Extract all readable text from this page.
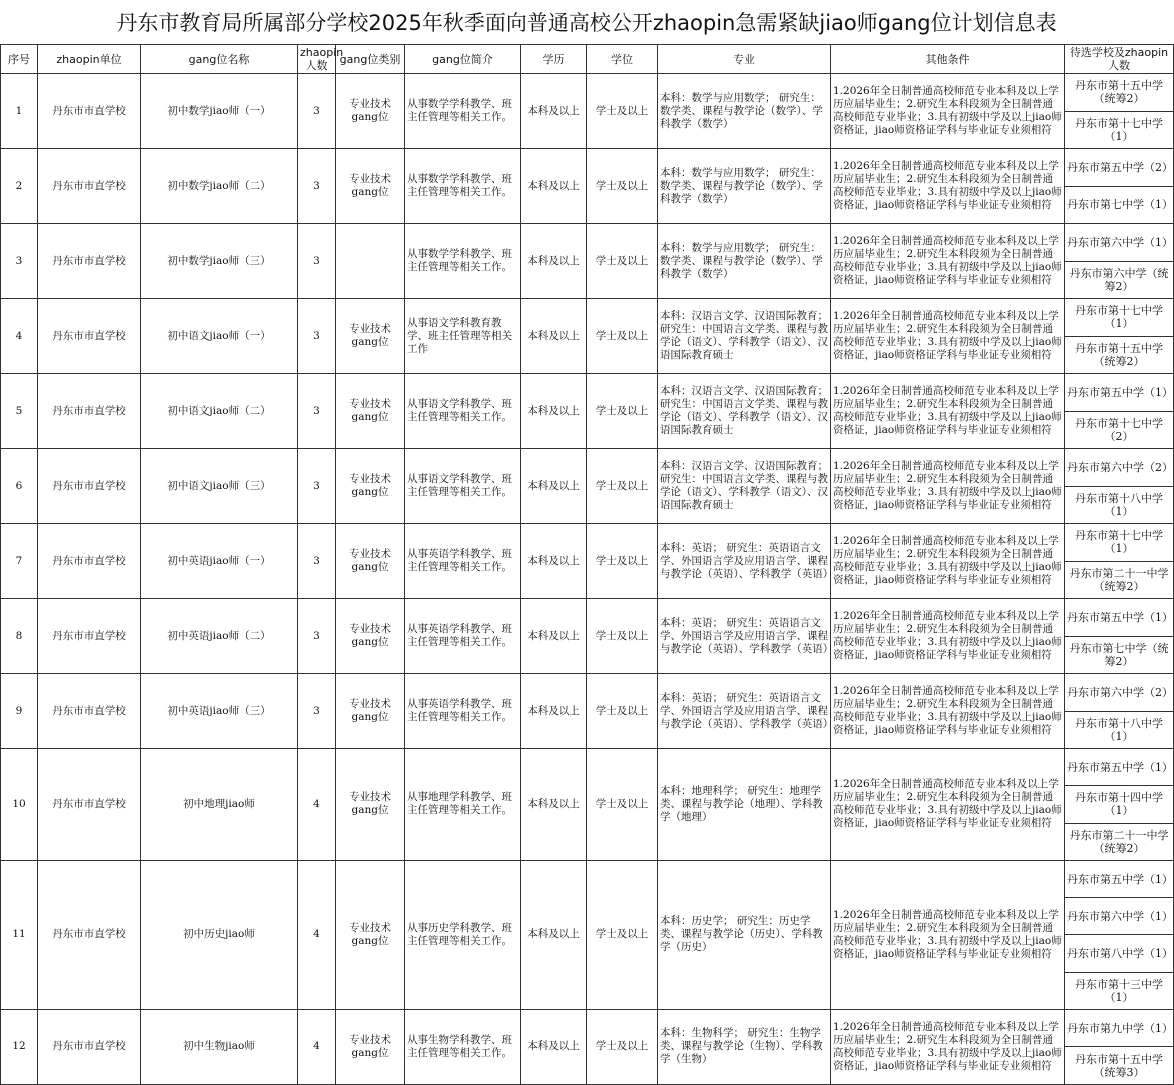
丹东市教育局所属部分学校2025年秋季面向普通高校公开zhaopin急需紧缺jiao师gang位计划信息表
序号	zhaopin单位	gang位名称	zhaopin人数	gang位类别	gang位简介	学历	学位	专业	其他条件	待选学校及zhaopin人数
1	丹东市市直学校	初中数学jiao师（一）	3	专业技术gang位	从事数学学科教学、班主任管理等相关工作。	本科及以上	学士及以上	本科：数学与应用数学； 研究生：数学类、课程与教学论（数学）、学科教学（数学）	1.2026年全日制普通高校师范专业本科及以上学历应届毕业生；2.研究生本科段须为全日制普通高校师范专业毕业；3.具有初级中学及以上jiao师资格证，jiao师资格证学科与毕业证专业须相符	丹东市第十五中学（统筹2）
										丹东市第十七中学（1）
2	丹东市市直学校	初中数学jiao师（二）	3	专业技术gang位	从事数学学科教学、班主任管理等相关工作。	本科及以上	学士及以上	本科：数学与应用数学； 研究生：数学类、课程与教学论（数学）、学科教学（数学）	1.2026年全日制普通高校师范专业本科及以上学历应届毕业生；2.研究生本科段须为全日制普通高校师范专业毕业；3.具有初级中学及以上jiao师资格证，jiao师资格证学科与毕业证专业须相符	丹东市第五中学（2）
										丹东市第七中学（1）
3	丹东市市直学校	初中数学jiao师（三）	3		从事数学学科教学、班主任管理等相关工作。	本科及以上	学士及以上	本科：数学与应用数学； 研究生：数学类、课程与教学论（数学）、学科教学（数学）	1.2026年全日制普通高校师范专业本科及以上学历应届毕业生；2.研究生本科段须为全日制普通高校师范专业毕业；3.具有初级中学及以上jiao师资格证，jiao师资格证学科与毕业证专业须相符	丹东市第六中学（1）
										丹东市第六中学（统筹2）
4	丹东市市直学校	初中语文jiao师（一）	3	专业技术gang位	从事语文学科教育教学、班主任管理等相关工作	本科及以上	学士及以上	本科：汉语言文学、汉语国际教育； 研究生：中国语言文学类、课程与教学论（语文）、学科教学（语文）、汉语国际教育硕士	1.2026年全日制普通高校师范专业本科及以上学历应届毕业生；2.研究生本科段须为全日制普通高校师范专业毕业；3.具有初级中学及以上jiao师资格证，jiao师资格证学科与毕业证专业须相符	丹东市第十七中学 （1）
										丹东市第十五中学（统筹2）
5	丹东市市直学校	初中语文jiao师（二）	3	专业技术gang位	从事语文学科教学、班主任管理等相关工作。	本科及以上	学士及以上	本科：汉语言文学、汉语国际教育； 研究生：中国语言文学类、课程与教学论（语文）、学科教学（语文）、汉语国际教育硕士	1.2026年全日制普通高校师范专业本科及以上学历应届毕业生；2.研究生本科段须为全日制普通高校师范专业毕业；3.具有初级中学及以上jiao师资格证，jiao师资格证学科与毕业证专业须相符	丹东市第五中学（1）
										丹东市第十七中学 （2）
6	丹东市市直学校	初中语文jiao师（三）	3	专业技术gang位	从事语文学科教学、班主任管理等相关工作。	本科及以上	学士及以上	本科：汉语言文学、汉语国际教育； 研究生：中国语言文学类、课程与教学论（语文）、学科教学（语文）、汉语国际教育硕士	1.2026年全日制普通高校师范专业本科及以上学历应届毕业生；2.研究生本科段须为全日制普通高校师范专业毕业；3.具有初级中学及以上jiao师资格证，jiao师资格证学科与毕业证专业须相符	丹东市第六中学（2）
										丹东市第十八中学（1）
7	丹东市市直学校	初中英语jiao师（一）	3	专业技术gang位	从事英语学科教学、班主任管理等相关工作。	本科及以上	学士及以上	本科：英语； 研究生：英语语言文学、外国语言学及应用语言学、课程与教学论（英语）、学科教学（英语）	1.2026年全日制普通高校师范专业本科及以上学历应届毕业生；2.研究生本科段须为全日制普通高校师范专业毕业；3.具有初级中学及以上jiao师资格证，jiao师资格证学科与毕业证专业须相符	丹东市第十七中学（1）
										丹东市第二十一中学（统筹2）
8	丹东市市直学校	初中英语jiao师（二）	3	专业技术gang位	从事英语学科教学、班主任管理等相关工作。	本科及以上	学士及以上	本科：英语； 研究生：英语语言文学、外国语言学及应用语言学、课程与教学论（英语）、学科教学（英语）	1.2026年全日制普通高校师范专业本科及以上学历应届毕业生；2.研究生本科段须为全日制普通高校师范专业毕业；3.具有初级中学及以上jiao师资格证，jiao师资格证学科与毕业证专业须相符	丹东市第五中学（1）
										丹东市第七中学（统筹2）
9	丹东市市直学校	初中英语jiao师（三）	3	专业技术gang位	从事英语学科教学、班主任管理等相关工作。	本科及以上	学士及以上	本科：英语； 研究生：英语语言文学、外国语言学及应用语言学、课程与教学论（英语）、学科教学（英语）	1.2026年全日制普通高校师范专业本科及以上学历应届毕业生；2.研究生本科段须为全日制普通高校师范专业毕业；3.具有初级中学及以上jiao师资格证，jiao师资格证学科与毕业证专业须相符	丹东市第六中学（2）
										丹东市第十八中学（1）
10	丹东市市直学校	初中地理jiao师	4	专业技术gang位	从事地理学科教学、班主任管理等相关工作。	本科及以上	学士及以上	本科：地理科学； 研究生：地理学类、课程与教学论（地理）、学科教学（地理）	1.2026年全日制普通高校师范专业本科及以上学历应届毕业生；2.研究生本科段须为全日制普通高校师范专业毕业；3.具有初级中学及以上jiao师资格证，jiao师资格证学科与毕业证专业须相符	丹东市第五中学（1）
										丹东市第十四中学（1）
										丹东市第二十一中学（统筹2）
11	丹东市市直学校	初中历史jiao师	4	专业技术gang位	从事历史学科教学、班主任管理等相关工作。	本科及以上	学士及以上	本科：历史学； 研究生：历史学类、课程与教学论（历史）、学科教学（历史）	1.2026年全日制普通高校师范专业本科及以上学历应届毕业生；2.研究生本科段须为全日制普通高校师范专业毕业；3.具有初级中学及以上jiao师资格证，jiao师资格证学科与毕业证专业须相符	丹东市第五中学（1）
										丹东市第六中学（1）
										丹东市第八中学（1）
										丹东市第十三中学（1）
12	丹东市市直学校	初中生物jiao师	4	专业技术gang位	从事生物学科教学、班主任管理等相关工作。	本科及以上	学士及以上	本科：生物科学； 研究生：生物学类、课程与教学论（生物）、学科教学（生物）	1.2026年全日制普通高校师范专业本科及以上学历应届毕业生；2.研究生本科段须为全日制普通高校师范专业毕业；3.具有初级中学及以上jiao师资格证，jiao师资格证学科与毕业证专业须相符	丹东市第九中学（1）
										丹东市第十五中学（统筹3）
